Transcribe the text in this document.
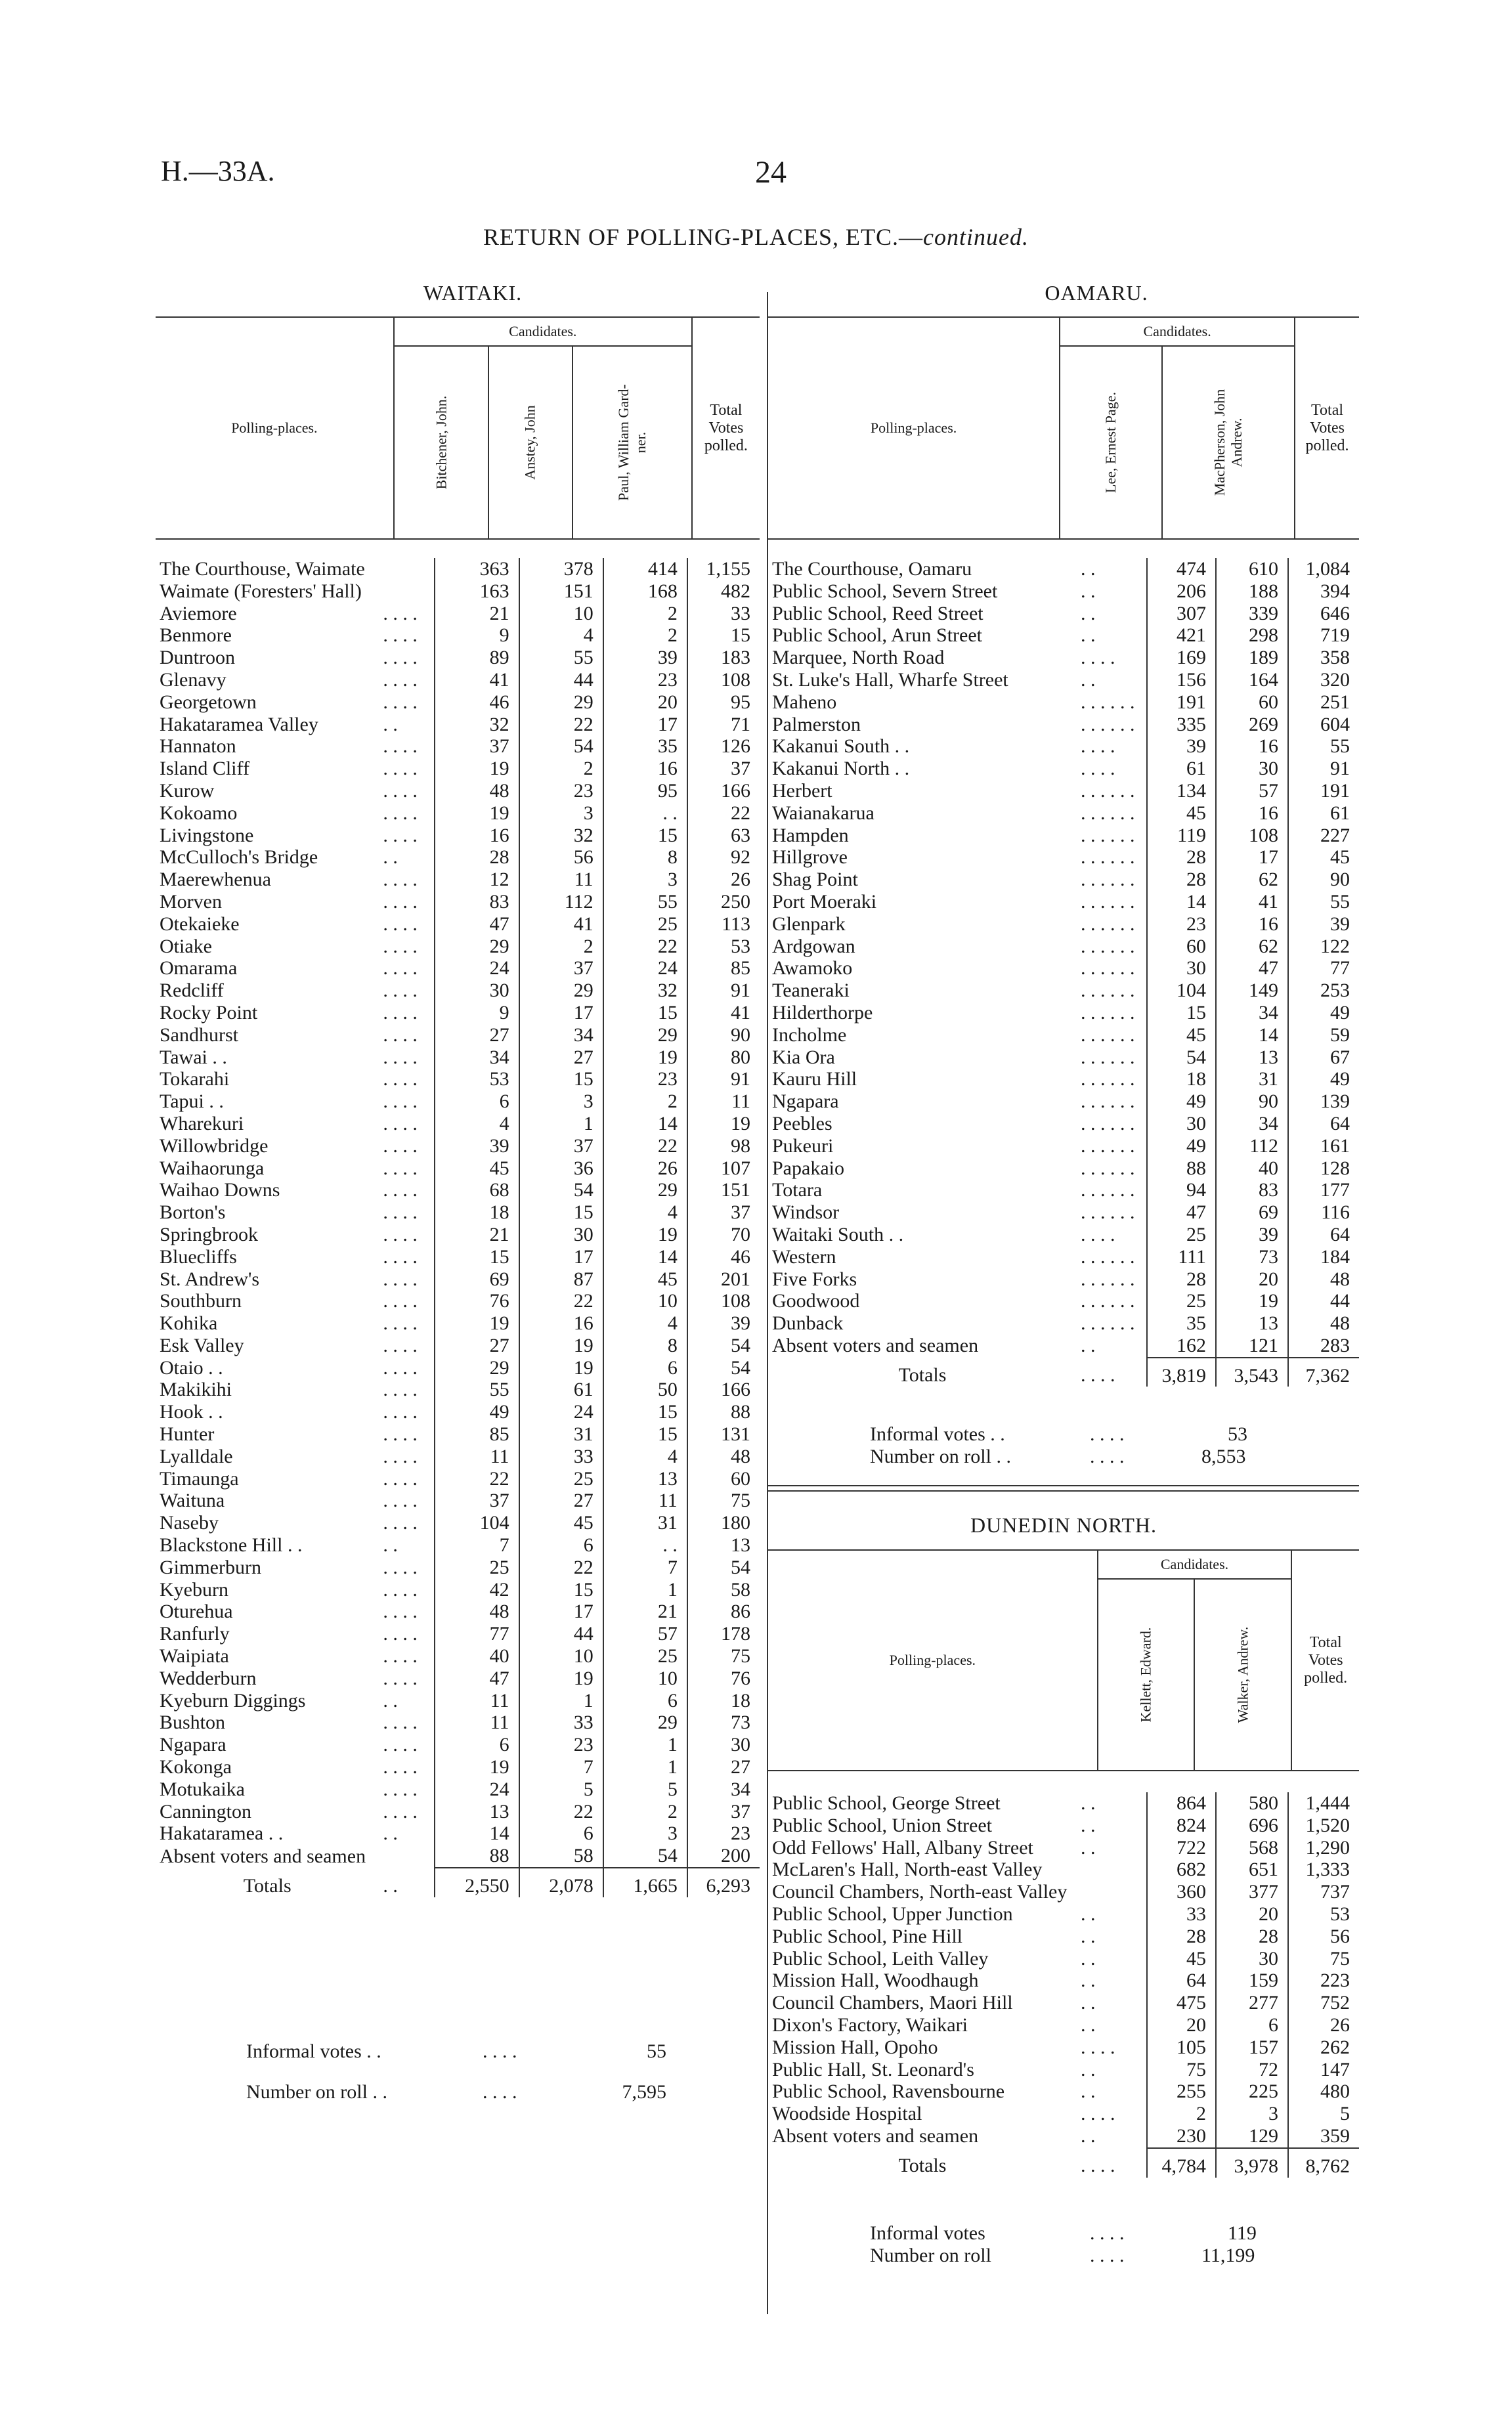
H.—33A.	24
RETURN OF POLLING-PLACES, ETC.—continued.
WAITAKI.
Polling-places.	Candidates.			Total Votes polled.
	Bitchener, John.	Anstey, John	Paul, William Gard-ner.	
The Courthouse, Waimate		363	378	414	1,155
Waimate (Foresters' Hall)		163	151	168	482
Aviemore	. . . .	21	10	2	33
Benmore	. . . .	9	4	2	15
Duntroon	. . . .	89	55	39	183
Glenavy	. . . .	41	44	23	108
Georgetown	. . . .	46	29	20	95
Hakataramea Valley	. .	32	22	17	71
Hannaton	. . . .	37	54	35	126
Island Cliff	. . . .	19	2	16	37
Kurow	. . . .	48	23	95	166
Kokoamo	. . . .	19	3	. .	22
Livingstone	. . . .	16	32	15	63
McCulloch's Bridge	. .	28	56	8	92
Maerewhenua	. . . .	12	11	3	26
Morven	. . . .	83	112	55	250
Otekaieke	. . . .	47	41	25	113
Otiake	. . . .	29	2	22	53
Omarama	. . . .	24	37	24	85
Redcliff	. . . .	30	29	32	91
Rocky Point	. . . .	9	17	15	41
Sandhurst	. . . .	27	34	29	90
Tawai . .	. . . .	34	27	19	80
Tokarahi	. . . .	53	15	23	91
Tapui . .	. . . .	6	3	2	11
Wharekuri	. . . .	4	1	14	19
Willowbridge	. . . .	39	37	22	98
Waihaorunga	. . . .	45	36	26	107
Waihao Downs	. . . .	68	54	29	151
Borton's	. . . .	18	15	4	37
Springbrook	. . . .	21	30	19	70
Bluecliffs	. . . .	15	17	14	46
St. Andrew's	. . . .	69	87	45	201
Southburn	. . . .	76	22	10	108
Kohika	. . . .	19	16	4	39
Esk Valley	. . . .	27	19	8	54
Otaio . .	. . . .	29	19	6	54
Makikihi	. . . .	55	61	50	166
Hook . .	. . . .	49	24	15	88
Hunter	. . . .	85	31	15	131
Lyalldale	. . . .	11	33	4	48
Timaunga	. . . .	22	25	13	60
Waituna	. . . .	37	27	11	75
Naseby	. . . .	104	45	31	180
Blackstone Hill . .	. .	7	6	. .	13
Gimmerburn	. . . .	25	22	7	54
Kyeburn	. . . .	42	15	1	58
Oturehua	. . . .	48	17	21	86
Ranfurly	. . . .	77	44	57	178
Waipiata	. . . .	40	10	25	75
Wedderburn	. . . .	47	19	10	76
Kyeburn Diggings	. .	11	1	6	18
Bushton	. . . .	11	33	29	73
Ngapara	. . . .	6	23	1	30
Kokonga	. . . .	19	7	1	27
Motukaika	. . . .	24	5	5	34
Cannington	. . . .	13	22	2	37
Hakataramea . .	. .	14	6	3	23
Absent voters and seamen		88	58	54	200
Totals	. .	2,550	2,078	1,665	6,293
Informal votes . .	. . . .	55
Number on roll . .	. . . .	7,595
OAMARU.
Polling-places.	Candidates.		Total Votes polled.
	Lee, Ernest Page.	MacPherson, John Andrew.	
The Courthouse, Oamaru	. .	474	610	1,084
Public School, Severn Street	. .	206	188	394
Public School, Reed Street	. .	307	339	646
Public School, Arun Street	. .	421	298	719
Marquee, North Road	. . . .	169	189	358
St. Luke's Hall, Wharfe Street	. .	156	164	320
Maheno	. . . . . .	191	60	251
Palmerston	. . . . . .	335	269	604
Kakanui South . .	. . . .	39	16	55
Kakanui North . .	. . . .	61	30	91
Herbert	. . . . . .	134	57	191
Waianakarua	. . . . . .	45	16	61
Hampden	. . . . . .	119	108	227
Hillgrove	. . . . . .	28	17	45
Shag Point	. . . . . .	28	62	90
Port Moeraki	. . . . . .	14	41	55
Glenpark	. . . . . .	23	16	39
Ardgowan	. . . . . .	60	62	122
Awamoko	. . . . . .	30	47	77
Teaneraki	. . . . . .	104	149	253
Hilderthorpe	. . . . . .	15	34	49
Incholme	. . . . . .	45	14	59
Kia Ora	. . . . . .	54	13	67
Kauru Hill	. . . . . .	18	31	49
Ngapara	. . . . . .	49	90	139
Peebles	. . . . . .	30	34	64
Pukeuri	. . . . . .	49	112	161
Papakaio	. . . . . .	88	40	128
Totara	. . . . . .	94	83	177
Windsor	. . . . . .	47	69	116
Waitaki South . .	. . . .	25	39	64
Western	. . . . . .	111	73	184
Five Forks	. . . . . .	28	20	48
Goodwood	. . . . . .	25	19	44
Dunback	. . . . . .	35	13	48
Absent voters and seamen	. .	162	121	283
Totals	. . . .	3,819	3,543	7,362
Informal votes . .	. . . .	53
Number on roll . .	. . . .	8,553
DUNEDIN NORTH.
Polling-places.	Candidates.		Total Votes polled.
	Kellett, Edward.	Walker, Andrew.	
Public School, George Street	. .	864	580	1,444
Public School, Union Street	. .	824	696	1,520
Odd Fellows' Hall, Albany Street	. .	722	568	1,290
McLaren's Hall, North-east Valley		682	651	1,333
Council Chambers, North-east Valley		360	377	737
Public School, Upper Junction	. .	33	20	53
Public School, Pine Hill	. .	28	28	56
Public School, Leith Valley	. .	45	30	75
Mission Hall, Woodhaugh	. .	64	159	223
Council Chambers, Maori Hill	. .	475	277	752
Dixon's Factory, Waikari	. .	20	6	26
Mission Hall, Opoho	. . . .	105	157	262
Public Hall, St. Leonard's	. .	75	72	147
Public School, Ravensbourne	. .	255	225	480
Woodside Hospital	. . . .	2	3	5
Absent voters and seamen	. .	230	129	359
Totals	. . . .	4,784	3,978	8,762
Informal votes	. . . .	119
Number on roll	. . . .	11,199
